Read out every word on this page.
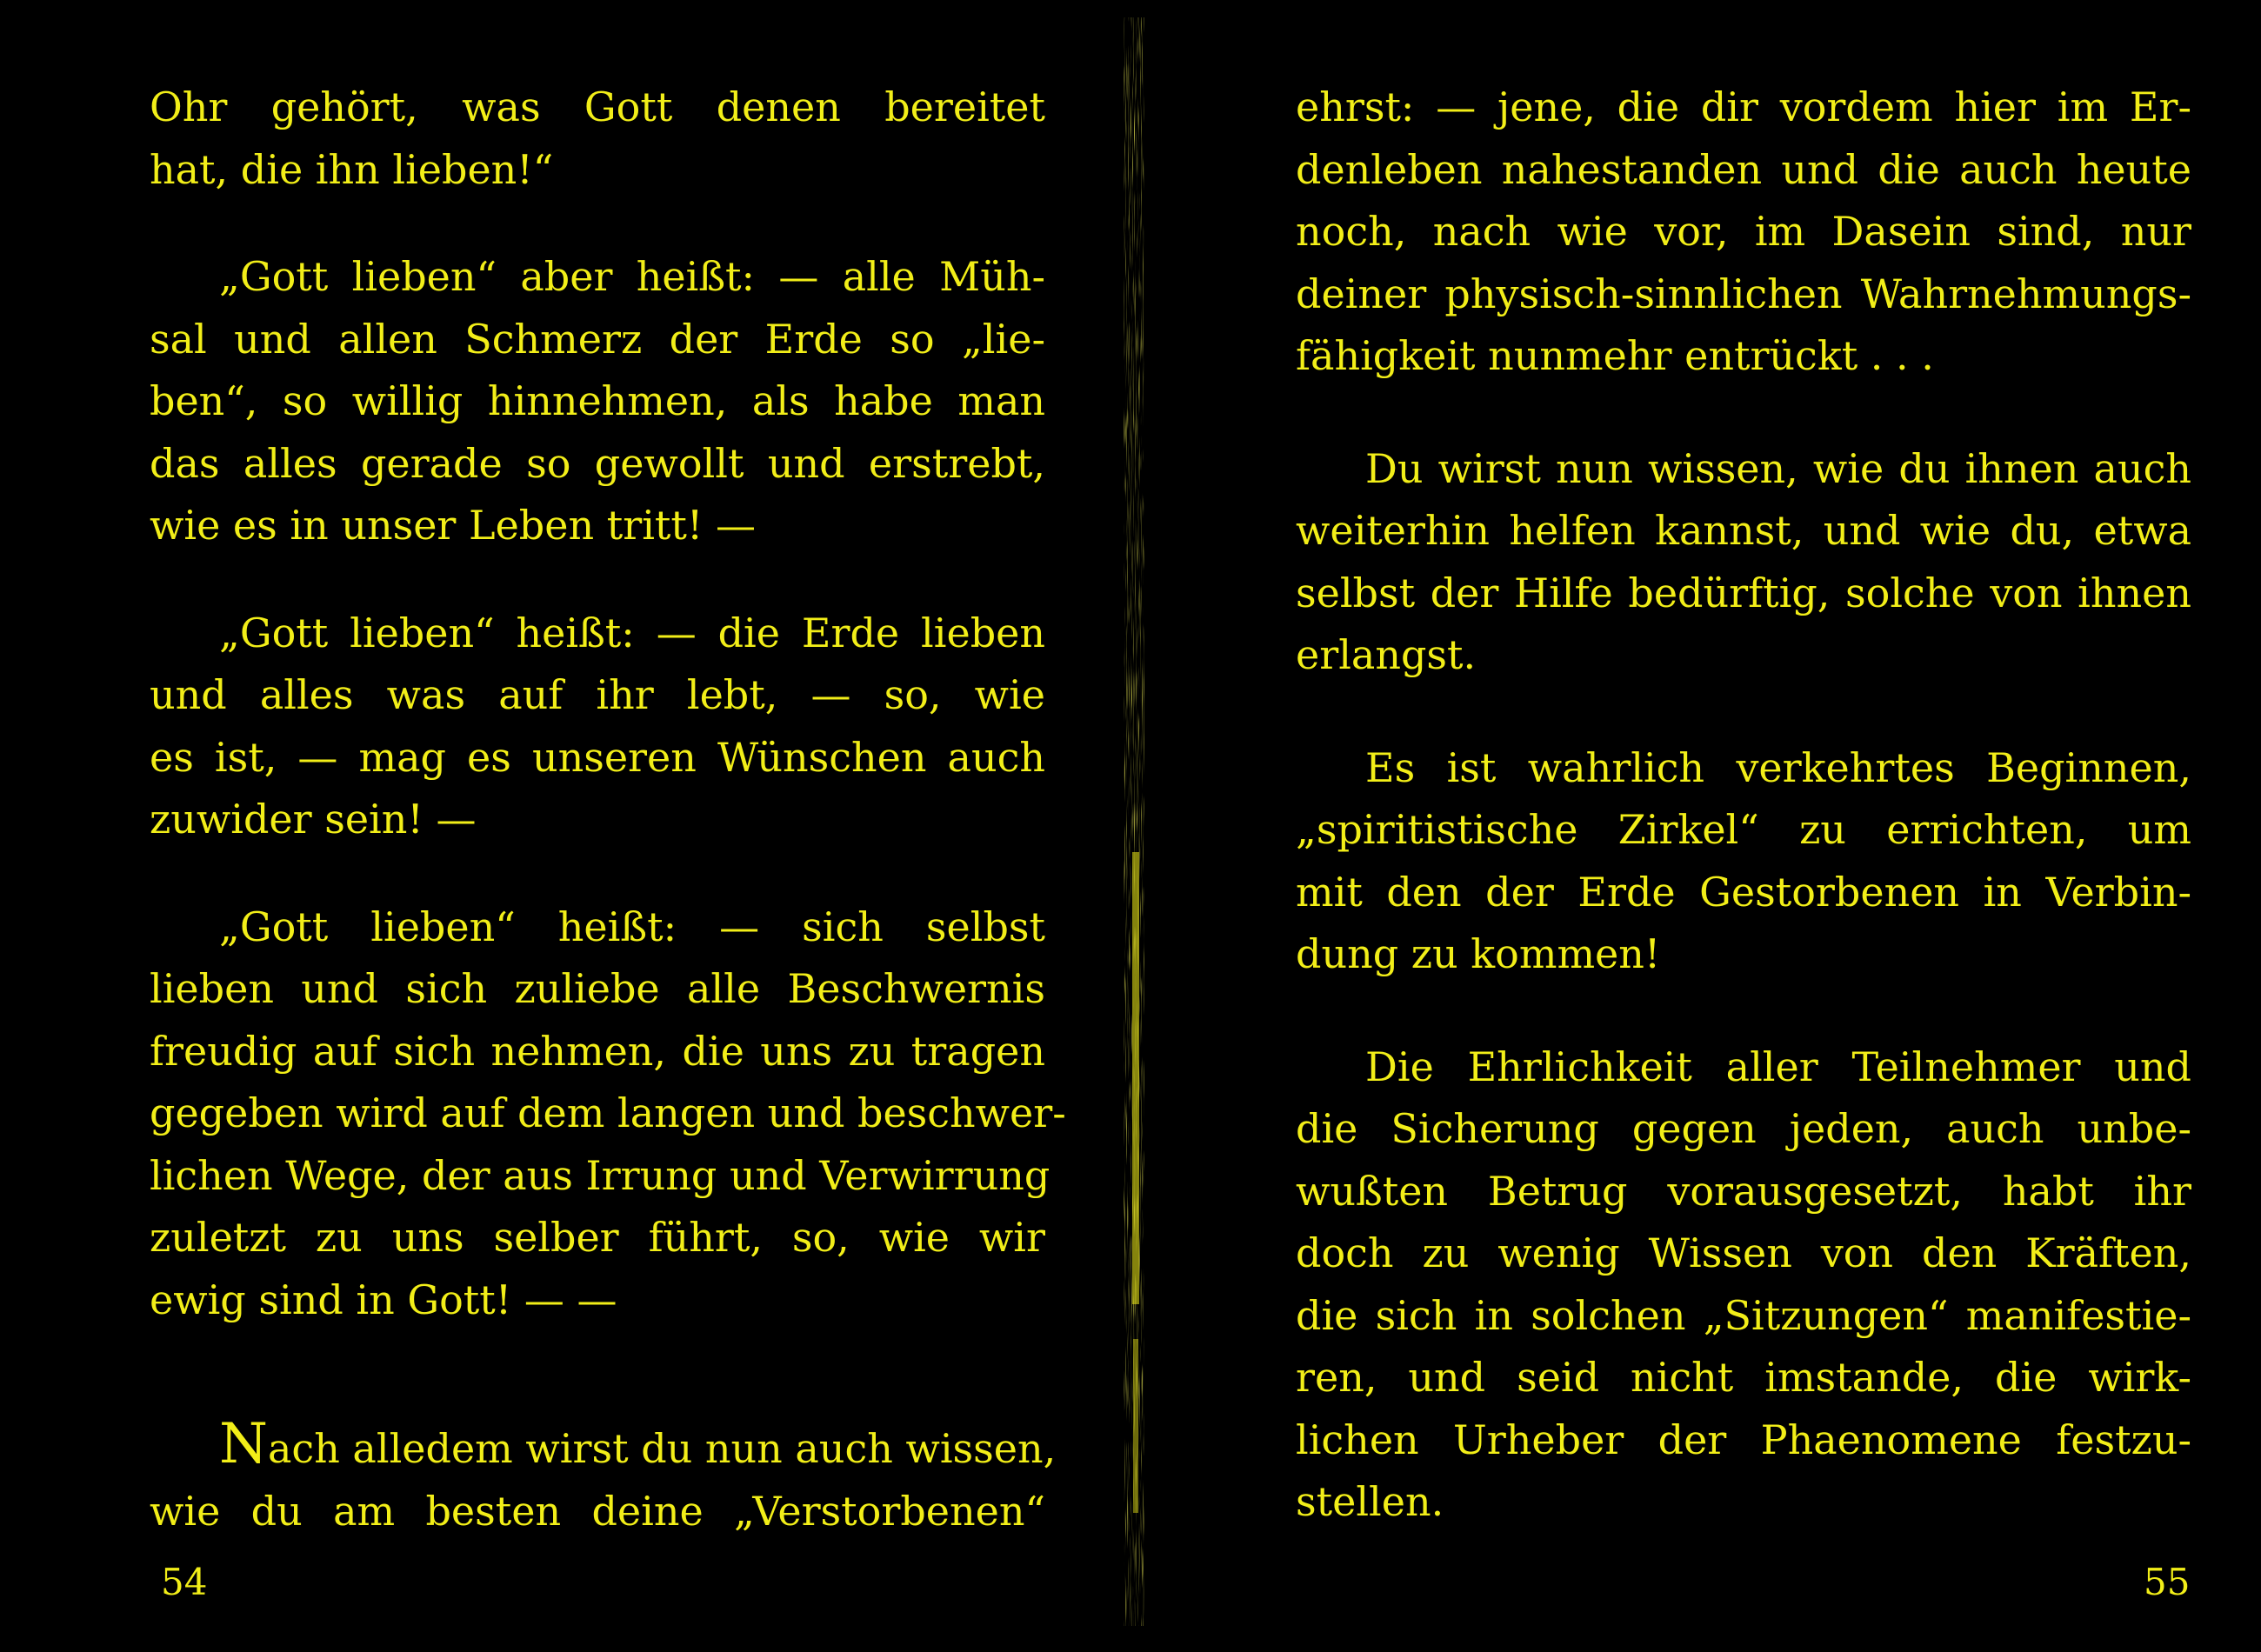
Ohr gehört, was Gott denen bereitet
hat, die ihn lieben!“

„Gott lieben“ aber heißt: — alle Müh-
sal und allen Schmerz der Erde so „lie-
ben“, so willig hinnehmen, als habe man
das alles gerade so gewollt und erstrebt,
wie es in unser Leben tritt! —

„Gott lieben“ heißt: — die Erde lieben
und alles was auf ihr lebt, — so, wie
es ist, — mag es unseren Wünschen auch
zuwider sein! —

„Gott lieben“ heißt: — sich selbst
lieben und sich zuliebe alle Beschwernis
freudig auf sich nehmen, die uns zu tragen
gegeben wird auf dem langen und beschwer-
lichen Wege, der aus Irrung und Verwirrung
zuletzt zu uns selber führt, so, wie wir
ewig sind in Gott! — —

Nach alledem wirst du nun auch wissen,
wie du am besten deine „Verstorbenen“

54

ehrst: — jene, die dir vordem hier im Er-
denleben nahestanden und die auch heute
noch, nach wie vor, im Dasein sind, nur
deiner physisch-sinnlichen Wahrnehmungs-
fähigkeit nunmehr entrückt . . .

Du wirst nun wissen, wie du ihnen auch
weiterhin helfen kannst, und wie du, etwa
selbst der Hilfe bedürftig, solche von ihnen
erlangst.

Es ist wahrlich verkehrtes Beginnen,
„spiritistische Zirkel“ zu errichten, um
mit den der Erde Gestorbenen in Verbin-
dung zu kommen!

Die Ehrlichkeit aller Teilnehmer und
die Sicherung gegen jeden, auch unbe-
wußten Betrug vorausgesetzt, habt ihr
doch zu wenig Wissen von den Kräften,
die sich in solchen „Sitzungen“ manifestie-
ren, und seid nicht imstande, die wirk-
lichen Urheber der Phaenomene festzu-
stellen.

55
